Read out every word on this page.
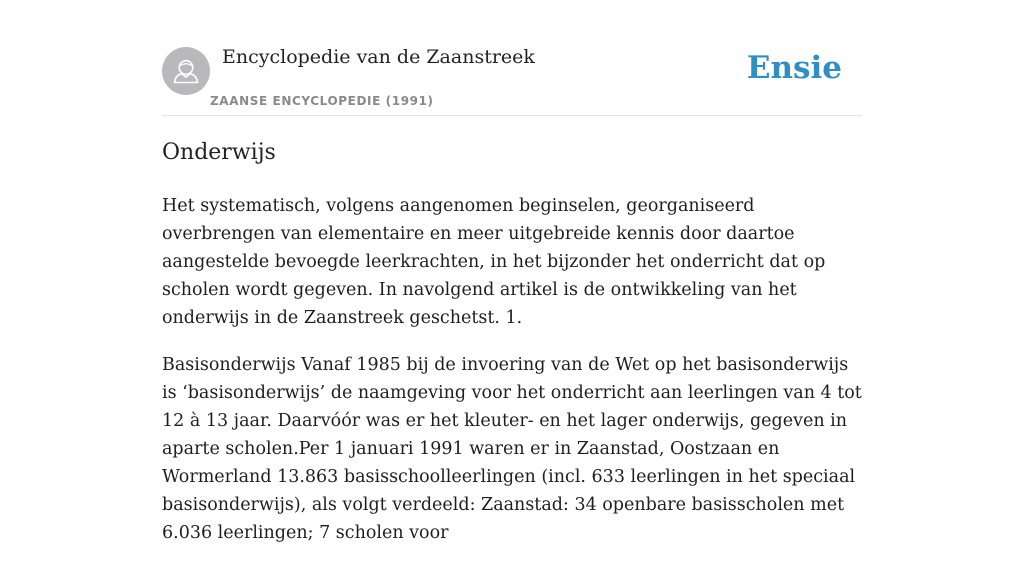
Encyclopedie van de Zaanstreek
ZAANSE ENCYCLOPEDIE (1991)
Ensie
Onderwijs

Het systematisch, volgens aangenomen beginselen, georganiseerd overbrengen van elementaire en meer uitgebreide kennis door daartoe aangestelde bevoegde leerkrachten, in het bijzonder het onderricht dat op scholen wordt gegeven. In navolgend artikel is de ontwikkeling van het onderwijs in de Zaanstreek geschetst. 1.

Basisonderwijs Vanaf 1985 bij de invoering van de Wet op het basisonderwijs is ‘basisonderwijs’ de naamgeving voor het onderricht aan leerlingen van 4 tot 12 à 13 jaar. Daarvóór was er het kleuter- en het lager onderwijs, gegeven in aparte scholen.Per 1 januari 1991 waren er in Zaanstad, Oostzaan en Wormerland 13.863 basisschoolleerlingen (incl. 633 leerlingen in het speciaal basisonderwijs), als volgt verdeeld: Zaanstad: 34 openbare basisscholen met 6.036 leerlingen; 7 scholen voor
